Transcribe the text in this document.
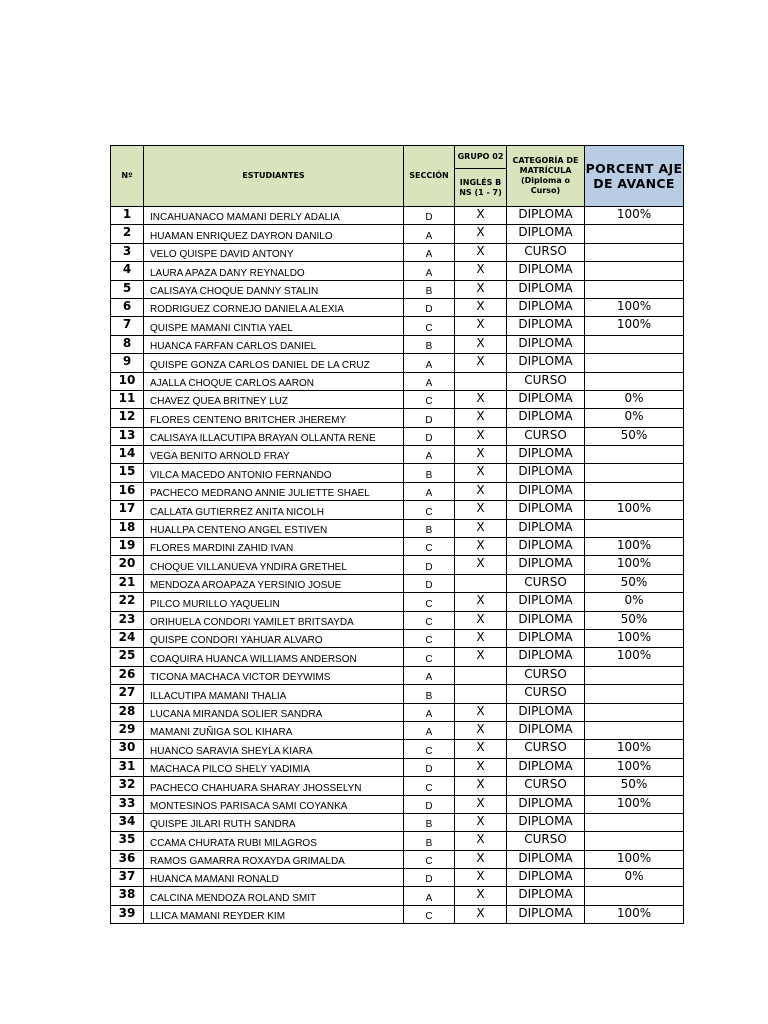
Nº	ESTUDIANTES	SECCIÓN	GRUPO 02	CATEGORÍA DE MATRÍCULA (Diploma o Curso)	PORCENT AJE DE AVANCE
			INGLÉS B NS (1 - 7)		
1	INCAHUANACO MAMANI DERLY ADALIA	D	X	DIPLOMA	100%
2	HUAMAN ENRIQUEZ DAYRON DANILO	A	X	DIPLOMA	
3	VELO QUISPE DAVID ANTONY	A	X	CURSO	
4	LAURA APAZA DANY REYNALDO	A	X	DIPLOMA	
5	CALISAYA CHOQUE DANNY STALIN	B	X	DIPLOMA	
6	RODRIGUEZ CORNEJO DANIELA ALEXIA	D	X	DIPLOMA	100%
7	QUISPE MAMANI CINTIA YAEL	C	X	DIPLOMA	100%
8	HUANCA FARFAN CARLOS DANIEL	B	X	DIPLOMA	
9	QUISPE GONZA CARLOS DANIEL DE LA CRUZ	A	X	DIPLOMA	
10	AJALLA CHOQUE CARLOS AARON	A		CURSO	
11	CHAVEZ QUEA BRITNEY LUZ	C	X	DIPLOMA	0%
12	FLORES CENTENO BRITCHER JHEREMY	D	X	DIPLOMA	0%
13	CALISAYA ILLACUTIPA BRAYAN OLLANTA RENE	D	X	CURSO	50%
14	VEGA BENITO ARNOLD FRAY	A	X	DIPLOMA	
15	VILCA MACEDO ANTONIO FERNANDO	B	X	DIPLOMA	
16	PACHECO MEDRANO ANNIE JULIETTE SHAEL	A	X	DIPLOMA	
17	CALLATA GUTIERREZ ANITA NICOLH	C	X	DIPLOMA	100%
18	HUALLPA CENTENO ANGEL ESTIVEN	B	X	DIPLOMA	
19	FLORES MARDINI ZAHID IVAN	C	X	DIPLOMA	100%
20	CHOQUE VILLANUEVA YNDIRA GRETHEL	D	X	DIPLOMA	100%
21	MENDOZA AROAPAZA YERSINIO JOSUE	D		CURSO	50%
22	PILCO MURILLO YAQUELIN	C	X	DIPLOMA	0%
23	ORIHUELA CONDORI YAMILET BRITSAYDA	C	X	DIPLOMA	50%
24	QUISPE CONDORI YAHUAR ALVARO	C	X	DIPLOMA	100%
25	COAQUIRA HUANCA WILLIAMS ANDERSON	C	X	DIPLOMA	100%
26	TICONA MACHACA VICTOR DEYWIMS	A		CURSO	
27	ILLACUTIPA MAMANI THALIA	B		CURSO	
28	LUCANA MIRANDA SOLIER SANDRA	A	X	DIPLOMA	
29	MAMANI ZUÑIGA SOL KIHARA	A	X	DIPLOMA	
30	HUANCO SARAVIA SHEYLA KIARA	C	X	CURSO	100%
31	MACHACA PILCO SHELY YADIMIA	D	X	DIPLOMA	100%
32	PACHECO CHAHUARA SHARAY JHOSSELYN	C	X	CURSO	50%
33	MONTESINOS PARISACA SAMI COYANKA	D	X	DIPLOMA	100%
34	QUISPE JILARI RUTH SANDRA	B	X	DIPLOMA	
35	CCAMA CHURATA RUBI MILAGROS	B	X	CURSO	
36	RAMOS GAMARRA ROXAYDA GRIMALDA	C	X	DIPLOMA	100%
37	HUANCA MAMANI RONALD	D	X	DIPLOMA	0%
38	CALCINA MENDOZA ROLAND SMIT	A	X	DIPLOMA	
39	LLICA MAMANI REYDER KIM	C	X	DIPLOMA	100%
